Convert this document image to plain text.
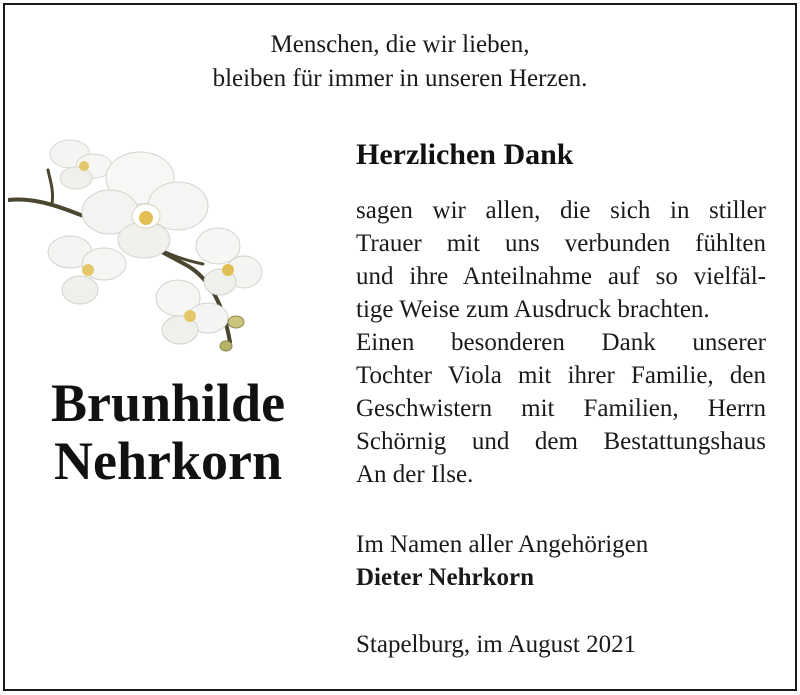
Menschen, die wir lieben,
bleiben für immer in unseren Herzen.
Brunhilde
Nehrkorn
Herzlichen Dank
sagen wir allen, die sich in stiller
Trauer mit uns verbunden fühlten
und ihre Anteilnahme auf so vielfäl-
tige Weise zum Ausdruck brachten.
Einen besonderen Dank unserer
Tochter Viola mit ihrer Familie, den
Geschwistern mit Familien, Herrn
Schörnig und dem Bestattungshaus
An der Ilse.
Im Namen aller Angehörigen
Dieter Nehrkorn
Stapelburg, im August 2021
